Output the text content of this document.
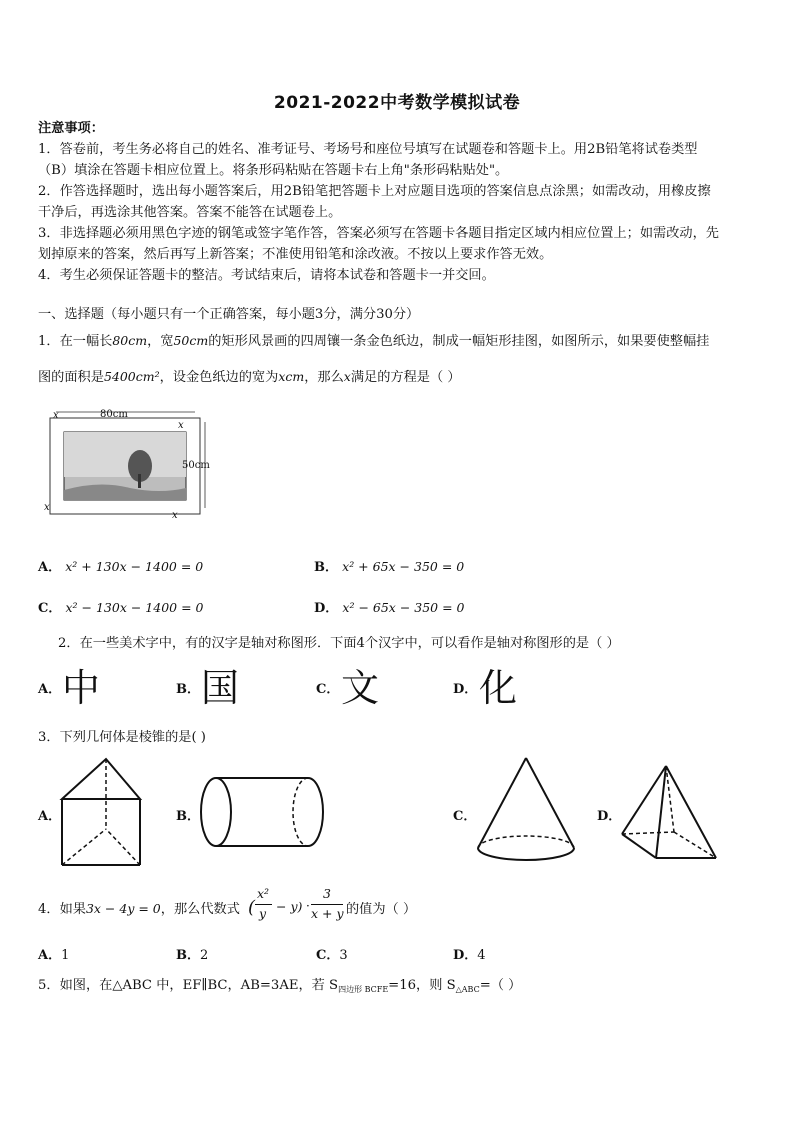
2021-2022中考数学模拟试卷
注意事项：
1．答卷前，考生务必将自己的姓名、准考证号、考场号和座位号填写在试题卷和答题卡上。用2B铅笔将试卷类型
（B）填涂在答题卡相应位置上。将条形码粘贴在答题卡右上角"条形码粘贴处"。
2．作答选择题时，选出每小题答案后，用2B铅笔把答题卡上对应题目选项的答案信息点涂黑；如需改动，用橡皮擦
干净后，再选涂其他答案。答案不能答在试题卷上。
3．非选择题必须用黑色字迹的钢笔或签字笔作答，答案必须写在答题卡各题目指定区域内相应位置上；如需改动，先
划掉原来的答案，然后再写上新答案；不准使用铅笔和涂改液。不按以上要求作答无效。
4．考生必须保证答题卡的整洁。考试结束后，请将本试卷和答题卡一并交回。
一、选择题（每小题只有一个正确答案，每小题3分，满分30分）
1．在一幅长80cm，宽50cm的矩形风景画的四周镶一条金色纸边，制成一幅矩形挂图，如图所示，如果要使整幅挂
图的面积是5400cm²，设金色纸边的宽为xcm，那么x满足的方程是（ ）
x	80cm
50cm
x
x
x
A． x² + 130x − 1400 = 0	B． x² + 65x − 350 = 0
C． x² − 130x − 1400 = 0	D． x² − 65x − 350 = 0
2．在一些美术字中，有的汉字是轴对称图形．下面4个汉字中，可以看作是轴对称图形的是（ ）
A． 中	B． 国	C． 文	D． 化
3．下列几何体是棱锥的是( )
A．	B．	C．	D．
4．如果3x − 4y = 0，那么代数式 (
x²
y − y) ·
3
x + y 的值为（ ）
A．1	B．2	C．3	D．4
5．如图，在△ABC 中，EF∥BC，AB=3AE，若 $S_{四边形 BCFE}=16$，则 $S_{\triangle ABC}=$（ ）
